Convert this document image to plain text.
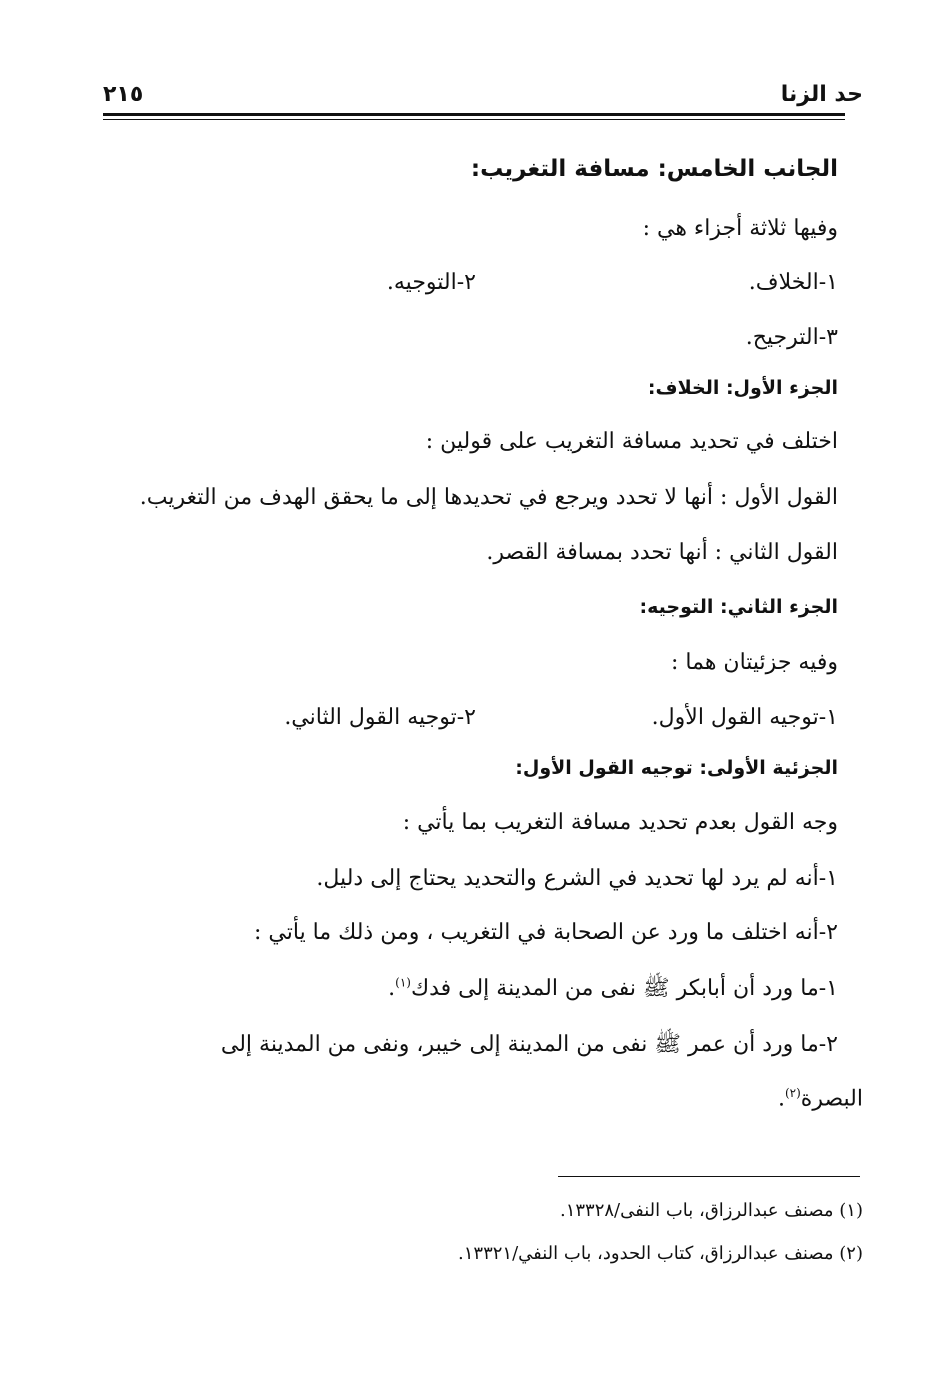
حد الزنا
٢١٥
الجانب الخامس: مسافة التغريب:
وفيها ثلاثة أجزاء هي :
١-الخلاف.
٢-التوجيه.
٣-الترجيح.
الجزء الأول: الخلاف:
اختلف في تحديد مسافة التغريب على قولين :
القول الأول : أنها لا تحدد ويرجع في تحديدها إلى ما يحقق الهدف من التغريب.
القول الثاني : أنها تحدد بمسافة القصر.
الجزء الثاني: التوجيه:
وفيه جزئيتان هما :
١-توجيه القول الأول.
٢-توجيه القول الثاني.
الجزئية الأولى: توجيه القول الأول:
وجه القول بعدم تحديد مسافة التغريب بما يأتي :
١-أنه لم يرد لها تحديد في الشرع والتحديد يحتاج إلى دليل.
٢-أنه اختلف ما ورد عن الصحابة في التغريب ، ومن ذلك ما يأتي :
١-ما ورد أن أبابكر ﷺ نفى من المدينة إلى فدك$^{(١)}$.
٢-ما ورد أن عمر ﷺ نفى من المدينة إلى خيبر، ونفى من المدينة إلى
البصرة$^{(٢)}$.
(١) مصنف عبدالرزاق، باب النفى/١٣٣٢٨.
(٢) مصنف عبدالرزاق، كتاب الحدود، باب النفي/١٣٣٢١.
